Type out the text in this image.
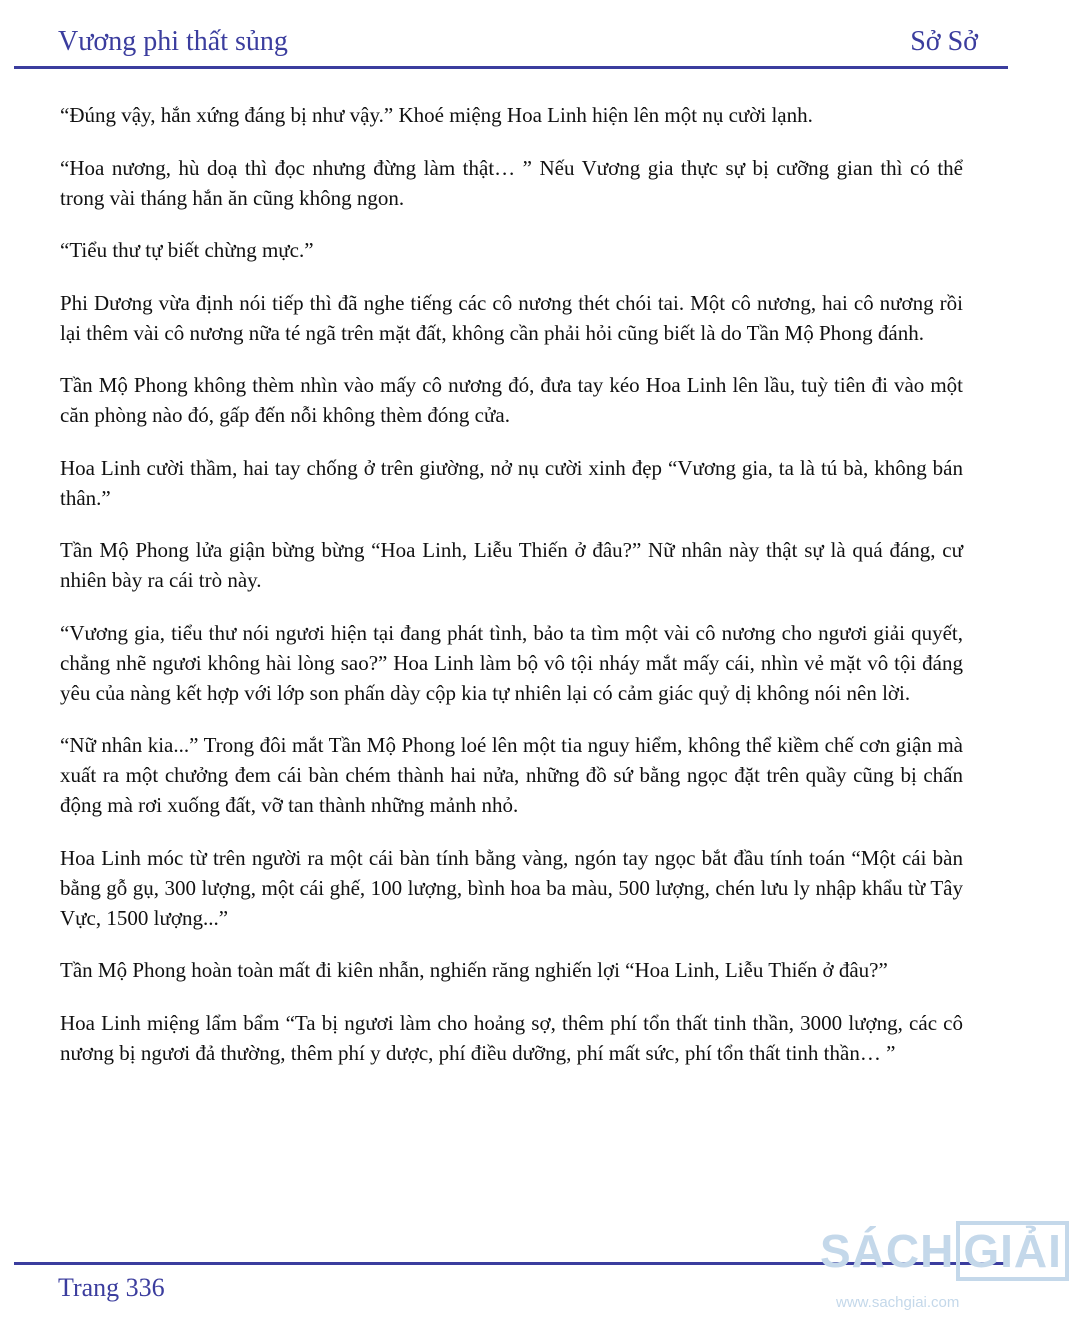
Vương phi thất sủng	Sở Sở

“Đúng vậy, hắn xứng đáng bị như vậy.” Khoé miệng Hoa Linh hiện lên một nụ cười lạnh.

“Hoa nương, hù doạ thì đọc nhưng đừng làm thật… ” Nếu Vương gia thực sự bị cưỡng gian thì có thể trong vài tháng hắn ăn cũng không ngon.

“Tiểu thư tự biết chừng mực.”

Phi Dương vừa định nói tiếp thì đã nghe tiếng các cô nương thét chói tai. Một cô nương, hai cô nương rồi lại thêm vài cô nương nữa té ngã trên mặt đất, không cần phải hỏi cũng biết là do Tần Mộ Phong đánh.

Tần Mộ Phong không thèm nhìn vào mấy cô nương đó, đưa tay kéo Hoa Linh lên lầu, tuỳ tiên đi vào một căn phòng nào đó, gấp đến nỗi không thèm đóng cửa.

Hoa Linh cười thầm, hai tay chống ở trên giường, nở nụ cười xinh đẹp “Vương gia, ta là tú bà, không bán thân.”

Tần Mộ Phong lửa giận bừng bừng “Hoa Linh, Liễu Thiến ở đâu?” Nữ nhân này thật sự là quá đáng, cư nhiên bày ra cái trò này.

“Vương gia, tiểu thư nói ngươi hiện tại đang phát tình, bảo ta tìm một vài cô nương cho ngươi giải quyết, chẳng nhẽ ngươi không hài lòng sao?” Hoa Linh làm bộ vô tội nháy mắt mấy cái, nhìn vẻ mặt vô tội đáng yêu của nàng kết hợp với lớp son phấn dày cộp kia tự nhiên lại có cảm giác quỷ dị không nói nên lời.

“Nữ nhân kia...” Trong đôi mắt Tần Mộ Phong loé lên một tia nguy hiểm, không thể kiềm chế cơn giận mà xuất ra một chưởng đem cái bàn chém thành hai nửa, những đồ sứ bằng ngọc đặt trên quầy cũng bị chấn động mà rơi xuống đất, vỡ tan thành những mảnh nhỏ.

Hoa Linh móc từ trên người ra một cái bàn tính bằng vàng, ngón tay ngọc bắt đầu tính toán “Một cái bàn bằng gỗ gụ, 300 lượng, một cái ghế, 100 lượng, bình hoa ba màu, 500 lượng, chén lưu ly nhập khẩu từ Tây Vực, 1500 lượng...”

Tần Mộ Phong hoàn toàn mất đi kiên nhẫn, nghiến răng nghiến lợi “Hoa Linh, Liễu Thiến ở đâu?”

Hoa Linh miệng lẩm bẩm “Ta bị ngươi làm cho hoảng sợ, thêm phí tổn thất tinh thần, 3000 lượng, các cô nương bị ngươi đả thường, thêm phí y dược, phí điều dưỡng, phí mất sức, phí tổn thất tinh thần… ”

Trang 336
SÁCH GIẢI
www.sachgiai.com
